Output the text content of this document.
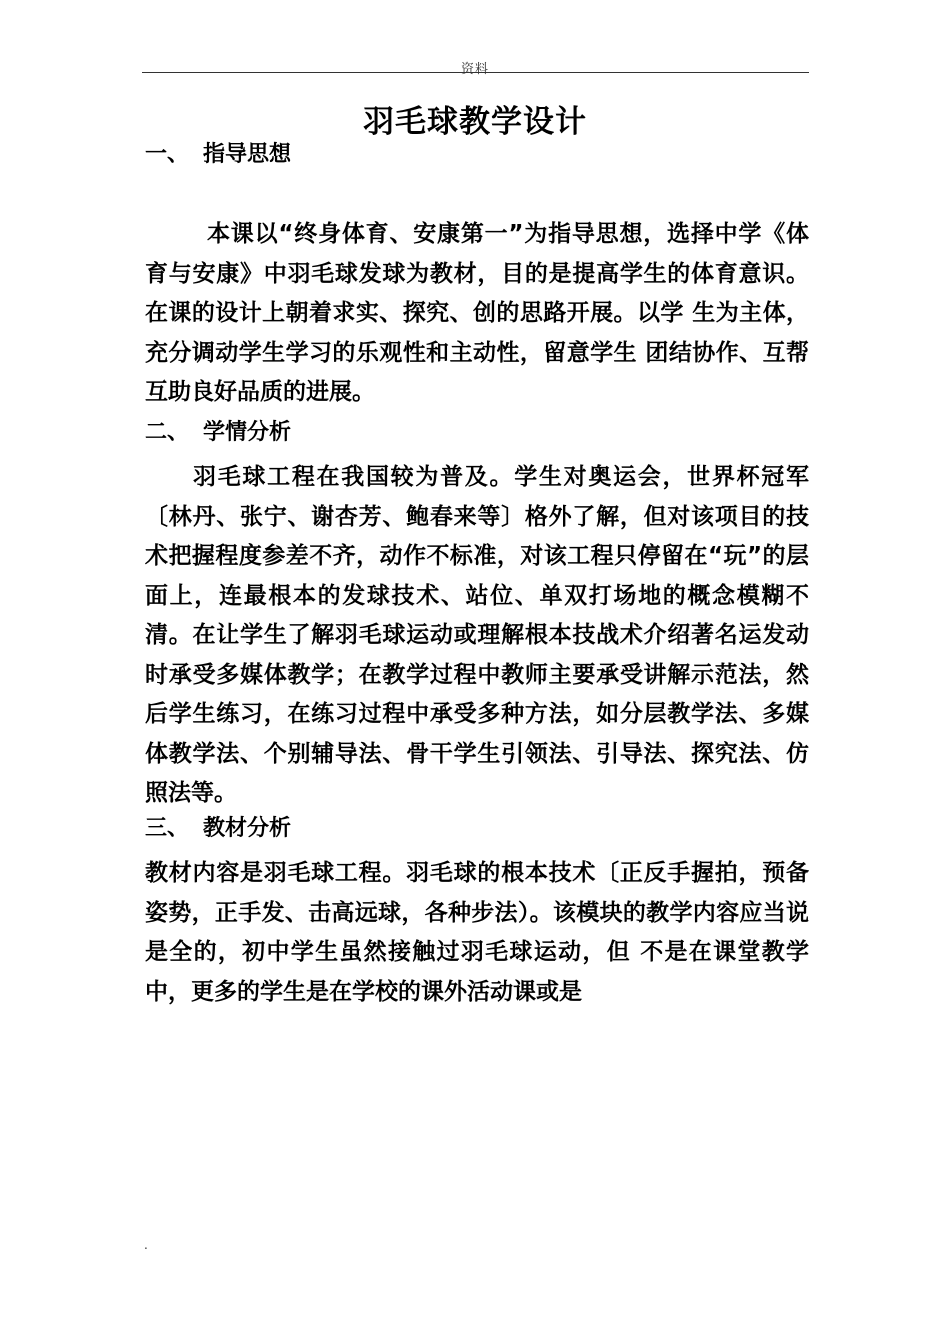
资料
羽毛球教学设计
一、 指导思想
本课以“终身体育、安康第一”为指导思想，选择中学《体育与安康》中羽毛球发球为教材，目的是提高学生的体育意识。在课的设计上朝着求实、探究、创的思路开展。以学 生为主体，充分调动学生学习的乐观性和主动性，留意学生 团结协作、互帮互助良好品质的进展。
二、 学情分析
羽毛球工程在我国较为普及。学生对奥运会，世界杯冠军〔林丹、张宁、谢杏芳、鲍春来等〕格外了解，但对该项目的技术把握程度参差不齐，动作不标准，对该工程只停留在“玩”的层面上，连最根本的发球技术、站位、单双打场地的概念模糊不清。在让学生了解羽毛球运动或理解根本技战术介绍著名运发动时承受多媒体教学；在教学过程中教师主要承受讲解示范法，然后学生练习，在练习过程中承受多种方法，如分层教学法、多媒体教学法、个别辅导法、骨干学生引领法、引导法、探究法、仿照法等。
三、 教材分析
教材内容是羽毛球工程。羽毛球的根本技术〔正反手握拍，预备姿势，正手发、击高远球，各种步法）。该模块的教学内容应当说是全的，初中学生虽然接触过羽毛球运动，但 不是在课堂教学中，更多的学生是在学校的课外活动课或是
.
